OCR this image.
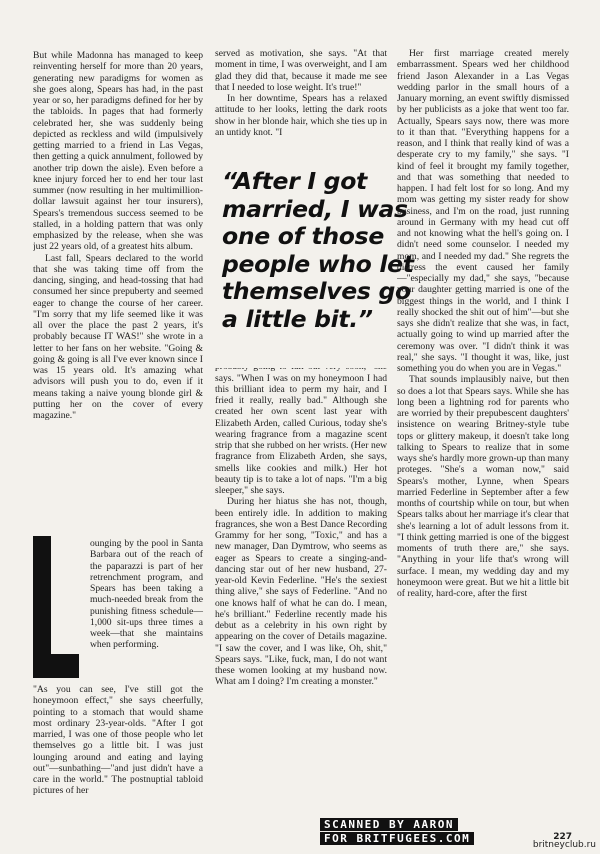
But while Madonna has managed to keep reinventing herself for more than 20 years, generating new paradigms for women as she goes along, Spears has had, in the past year or so, her paradigms defined for her by the tabloids. In pages that had formerly celebrated her, she was suddenly being depicted as reckless and wild (impulsively getting married to a friend in Las Vegas, then getting a quick annulment, followed by another trip down the aisle). Even before a knee injury forced her to end her tour last summer (now resulting in her multimillion-dollar lawsuit against her tour insurers), Spears's tremendous success seemed to be stalled, in a holding pattern that was only emphasized by the release, when she was just 22 years old, of a greatest hits album.

Last fall, Spears declared to the world that she was taking time off from the dancing, singing, and head-tossing that had consumed her since prepuberty and seemed eager to change the course of her career. "I'm sorry that my life seemed like it was all over the place the past 2 years, it's probably because IT WAS!" she wrote in a letter to her fans on her website. "Going & going & going is all I've ever known since I was 15 years old. It's amazing what advisors will push you to do, even if it means taking a naive young blonde girl & putting her on the cover of every magazine."

ounging by the pool in Santa Barbara out of the reach of the paparazzi is part of her retrenchment program, and Spears has been taking a much-needed break from the punishing fitness schedule—1,000 sit-ups three times a week—that she maintains when performing.
"As you can see, I've still got the honeymoon effect," she says cheerfully, pointing to a stomach that would shame most ordinary 23-year-olds. "After I got married, I was one of those people who let themselves go a little bit. I was just lounging around and eating and laying out"—sunbathing—"and just didn't have a care in the world." The postnuptial tabloid pictures of her

served as motivation, she says. "At that moment in time, I was overweight, and I am glad they did that, because it made me see that I needed to lose weight. It's true!"

In her downtime, Spears has a relaxed attitude to her looks, letting the dark roots show in her blonde hair, which she ties up in an untidy knot. "I

says. "When I was on my honeymoon I had this brilliant idea to perm my hair, and I fried it really, really bad." Although she created her own scent last year with Elizabeth Arden, called Curious, today she's wearing fragrance from a magazine scent strip that she rubbed on her wrists. (Her new fragrance from Elizabeth Arden, she says, smells like cookies and milk.) Her hot beauty tip is to take a lot of naps. "I'm a big sleeper," she says.

During her hiatus she has not, though, been entirely idle. In addition to making fragrances, she won a Best Dance Recording Grammy for her song, "Toxic," and has a new manager, Dan Dymtrow, who seems as eager as Spears to create a singing-and-dancing star out of her new husband, 27-year-old Kevin Federline. "He's the sexiest thing alive," she says of Federline. "And no one knows half of what he can do. I mean, he's brilliant." Federline recently made his debut as a celebrity in his own right by appearing on the cover of Details magazine. "I saw the cover, and I was like, Oh, shit," Spears says. "Like, fuck, man, I do not want these women looking at my husband now. What am I doing? I'm creating a monster."

“After I got married, I was one of those people who let themselves go a little bit.”

Her first marriage created merely embarrassment. Spears wed her childhood friend Jason Alexander in a Las Vegas wedding parlor in the small hours of a January morning, an event swiftly dismissed by her publicists as a joke that went too far. Actually, Spears says now, there was more to it than that. "Everything happens for a reason, and I think that really kind of was a desperate cry to my family," she says. "I kind of feel it brought my family together, and that was something that needed to happen. I had felt lost for so long. And my mom was getting my sister ready for show business, and I'm on the road, just running around in Germany with my head cut off and not knowing what the hell's going on. I didn't need some counselor. I needed my mom, and I needed my dad." She regrets the distress the event caused her family—"especially my dad," she says, "because your daughter getting married is one of the biggest things in the world, and I think I really shocked the shit out of him"—but she says she didn't realize that she was, in fact, actually going to wind up married after the ceremony was over. "I didn't think it was real," she says. "I thought it was, like, just something you do when you are in Vegas."

That sounds implausibly naive, but then so does a lot that Spears says. While she has long been a lightning rod for parents who are worried by their prepubescent daughters' insistence on wearing Britney-style tube tops or glittery makeup, it doesn't take long talking to Spears to realize that in some ways she's hardly more grown-up than many proteges. "She's a woman now," said Spears's mother, Lynne, when Spears married Federline in September after a few months of courtship while on tour, but when Spears talks about her marriage it's clear that she's learning a lot of adult lessons from it. "I think getting married is one of the biggest moments of truth there are," she says. "Anything in your life that's wrong will surface. I mean, my wedding day and my honeymoon were great. But we hit a little bit of reality, hard-core, after the first

SCANNED BY AARON
FOR BRITFUGEES.COM	227
britneyclub.ru
